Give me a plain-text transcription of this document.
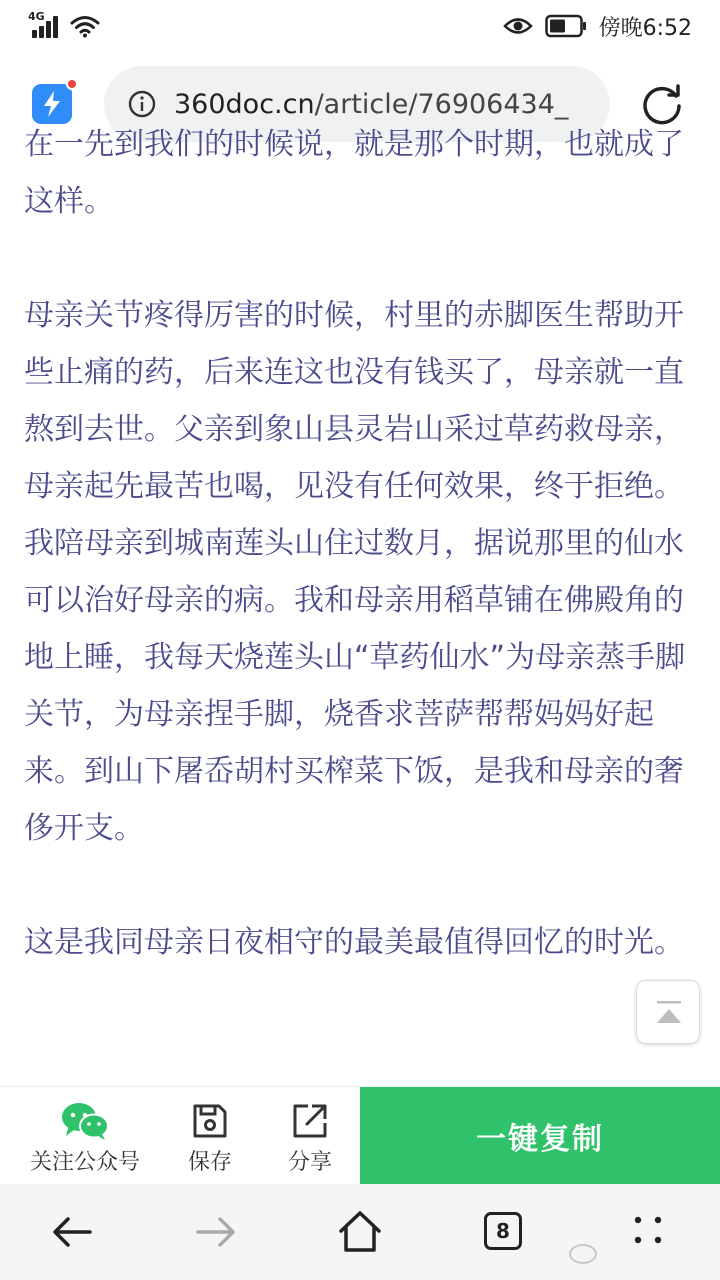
4G	傍晚6:52
360doc.cn/article/76906434_

在一先到我们的时候说，就是那个时期，也就成了这样。

母亲关节疼得厉害的时候，村里的赤脚医生帮助开些止痛的药，后来连这也没有钱买了，母亲就一直熬到去世。父亲到象山县灵岩山采过草药救母亲，母亲起先最苦也喝，见没有任何效果，终于拒绝。我陪母亲到城南莲头山住过数月，据说那里的仙水可以治好母亲的病。我和母亲用稻草铺在佛殿角的地上睡，我每天烧莲头山“草药仙水”为母亲蒸手脚关节，为母亲捏手脚，烧香求菩萨帮帮妈妈好起来。到山下屠岙胡村买榨菜下饭，是我和母亲的奢侈开支。

这是我同母亲日夜相守的最美最值得回忆的时光。

关注公众号	保存	分享
一键复制
8
